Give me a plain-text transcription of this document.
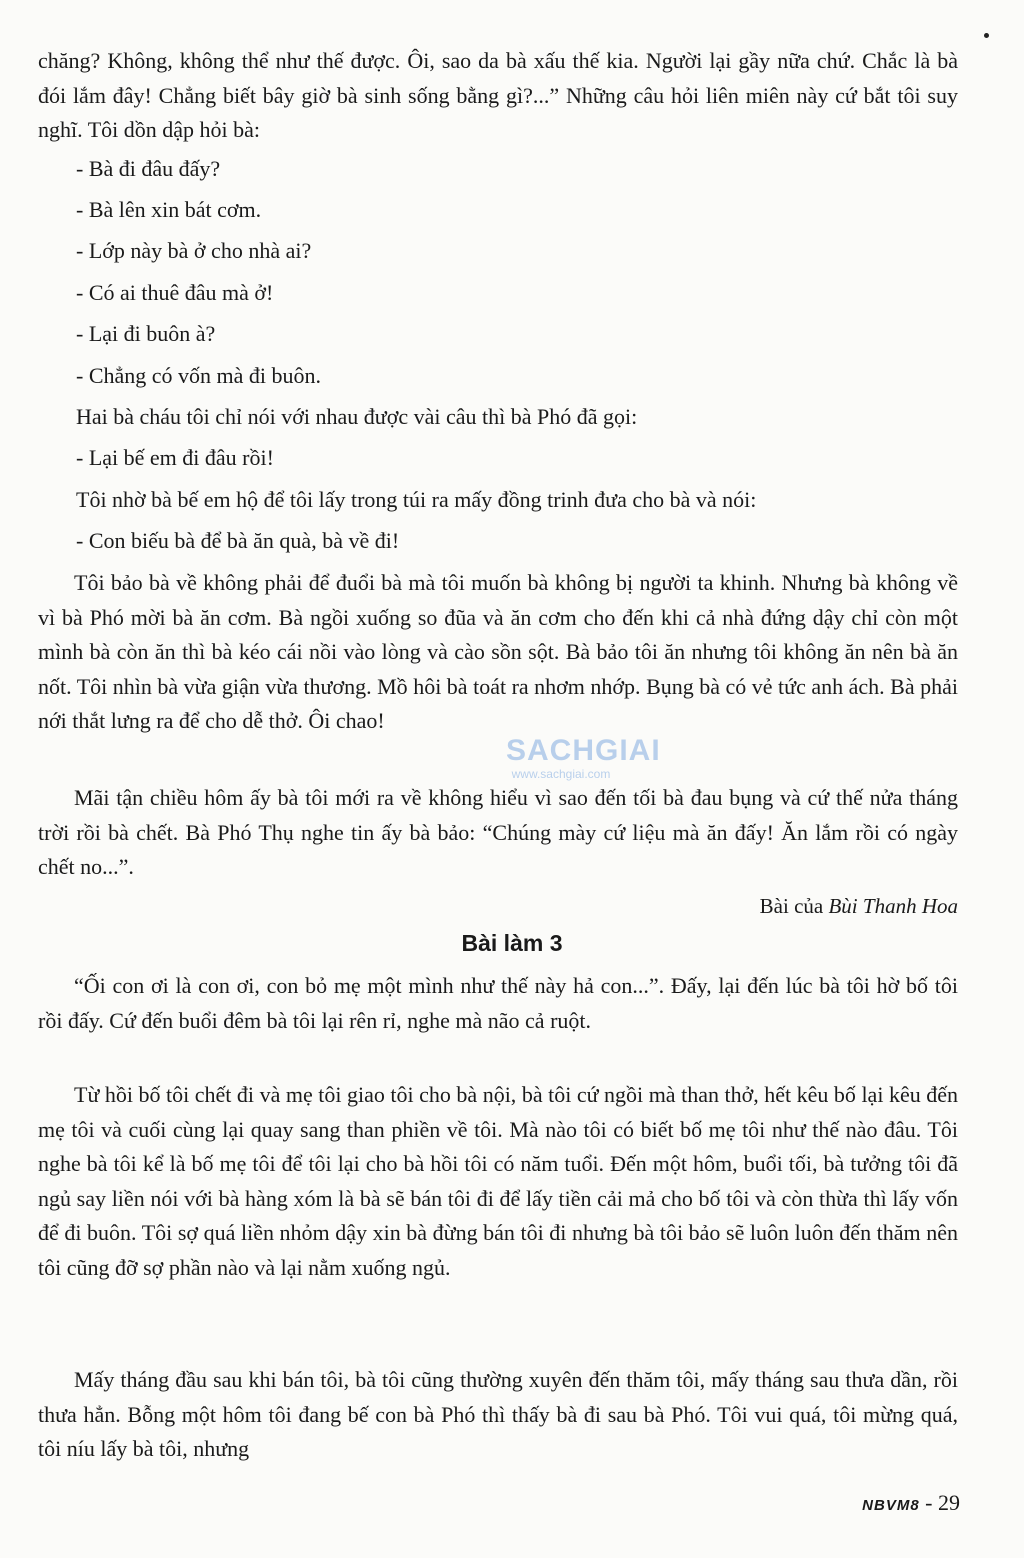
chăng? Không, không thể như thế được. Ôi, sao da bà xấu thế kia. Người lại gầy nữa chứ. Chắc là bà đói lắm đây! Chẳng biết bây giờ bà sinh sống bằng gì?...” Những câu hỏi liên miên này cứ bắt tôi suy nghĩ. Tôi dồn dập hỏi bà:

- Bà đi đâu đấy?
- Bà lên xin bát cơm.
- Lớp này bà ở cho nhà ai?
- Có ai thuê đâu mà ở!
- Lại đi buôn à?
- Chẳng có vốn mà đi buôn.
Hai bà cháu tôi chỉ nói với nhau được vài câu thì bà Phó đã gọi:
- Lại bế em đi đâu rồi!
Tôi nhờ bà bế em hộ để tôi lấy trong túi ra mấy đồng trinh đưa cho bà và nói:
- Con biếu bà để bà ăn quà, bà về đi!

Tôi bảo bà về không phải để đuổi bà mà tôi muốn bà không bị người ta khinh. Nhưng bà không về vì bà Phó mời bà ăn cơm. Bà ngồi xuống so đũa và ăn cơm cho đến khi cả nhà đứng dậy chỉ còn một mình bà còn ăn thì bà kéo cái nồi vào lòng và cào sồn sột. Bà bảo tôi ăn nhưng tôi không ăn nên bà ăn nốt. Tôi nhìn bà vừa giận vừa thương. Mồ hôi bà toát ra nhơm nhớp. Bụng bà có vẻ tức anh ách. Bà phải nới thắt lưng ra để cho dễ thở. Ôi chao!

Mãi tận chiều hôm ấy bà tôi mới ra về không hiểu vì sao đến tối bà đau bụng và cứ thế nửa tháng trời rồi bà chết. Bà Phó Thụ nghe tin ấy bà bảo: “Chúng mày cứ liệu mà ăn đấy! Ăn lắm rồi có ngày chết no...”.

Bài của Bùi Thanh Hoa
Bài làm 3

“Ối con ơi là con ơi, con bỏ mẹ một mình như thế này hả con...”. Đấy, lại đến lúc bà tôi hờ bố tôi rồi đấy. Cứ đến buổi đêm bà tôi lại rên rỉ, nghe mà não cả ruột.

Từ hồi bố tôi chết đi và mẹ tôi giao tôi cho bà nội, bà tôi cứ ngồi mà than thở, hết kêu bố lại kêu đến mẹ tôi và cuối cùng lại quay sang than phiền về tôi. Mà nào tôi có biết bố mẹ tôi như thế nào đâu. Tôi nghe bà tôi kể là bố mẹ tôi để tôi lại cho bà hồi tôi có năm tuổi. Đến một hôm, buổi tối, bà tưởng tôi đã ngủ say liền nói với bà hàng xóm là bà sẽ bán tôi đi để lấy tiền cải mả cho bố tôi và còn thừa thì lấy vốn để đi buôn. Tôi sợ quá liền nhỏm dậy xin bà đừng bán tôi đi nhưng bà tôi bảo sẽ luôn luôn đến thăm nên tôi cũng đỡ sợ phần nào và lại nằm xuống ngủ.

Mấy tháng đầu sau khi bán tôi, bà tôi cũng thường xuyên đến thăm tôi, mấy tháng sau thưa dần, rồi thưa hẳn. Bỗng một hôm tôi đang bế con bà Phó thì thấy bà đi sau bà Phó. Tôi vui quá, tôi mừng quá, tôi níu lấy bà tôi, nhưng

NBVM8 - 29
SACHGIAI
www.sachgiai.com
